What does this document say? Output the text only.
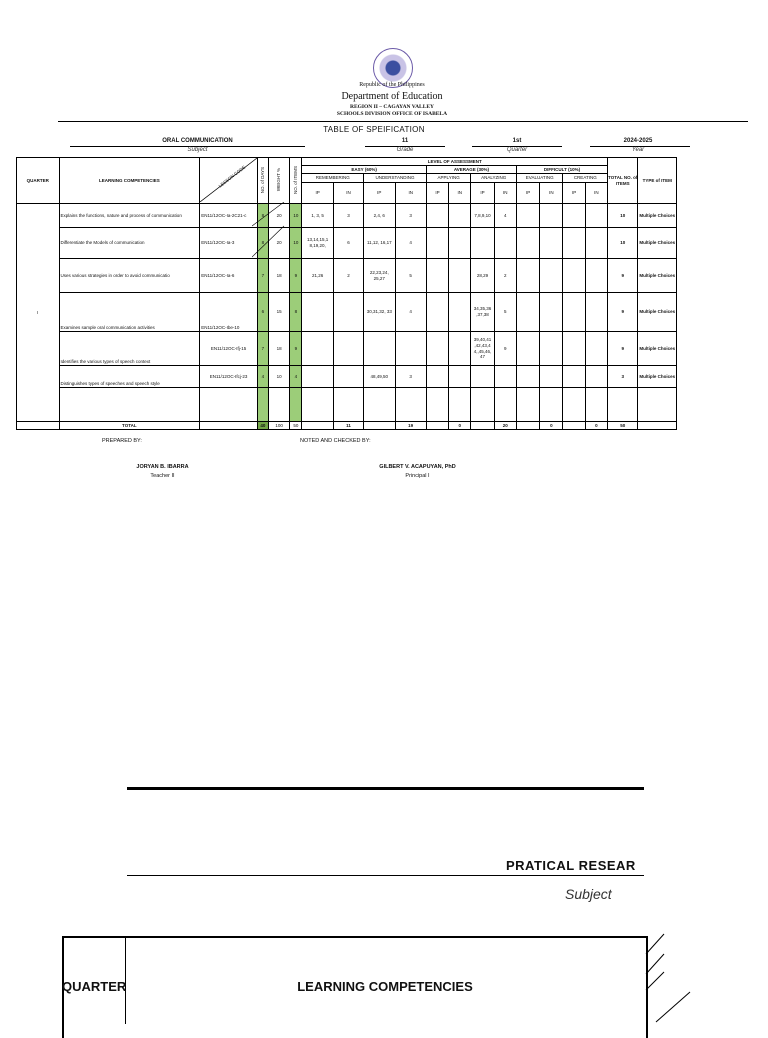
Republic of the Philippines
Department of Education
REGION II – CAGAYAN VALLEY
SCHOOLS DIVISION OFFICE OF ISABELA
TABLE OF SPEIFICATION
ORAL COMMUNICATION
Subject
11
Grade
1st
Quarter
2024-2025
Year
QUARTER	LEARNING COMPETENCIES	LESSON CODE	NO. of DAYS	WEIGHT %	NO. of ITEMS	LEVEL OF ASSESSMENT												TOTAL NO. of ITEMS	TYPE of ITEM
						EASY (60%)				AVERAGE (30%)				DIFFICULT (10%)					
						REMEMBERING		UNDERSTANDING		APPLYING		ANALYZING		EVALUATING		CREATING			
						IP	IN	IP	IN	IP	IN	IP	IN	IP	IN	IP	IN		
I	Explains the functions, nature and process of communication	EN11/12OC-Ia-2C21-c	8	20	10	1, 3, 5	3	2,4, 6	3			7,8,9,10	4					10	Multiple Choices
	Differentiate the Models of communication	EN11/12OC-Ia-3	8	20	10	13,14,15,1 8,19,20,	6	11,12, 16,17	4									10	Multiple Choices
	Uses various strategies in order to avoid communicatio	EN11/12OC-Ia-6	7	18	9	21,26	2	22,23,24, 25,27	5			28,29	2					9	Multiple Choices
	Examines sample oral communication activities	EN11/12OC-Ibe-10	6	15	8			30,31,32, 33	4			34,35,36 ,37,38	5					9	Multiple Choices
	Identifies the various types of speech context	EN11/12OC-Ifj-15	7	18	9							39,40,41 ,42,43,4 4,,45,46, 47	9					9	Multiple Choices
	Distinguishes types of speeches and speech style	EN11/12OC-Ifcj-23	4	10	4			48,49,50	3									3	Multiple Choices

	TOTAL		40	100	50		11		19		0		20		0		0	50	
PREPARED BY:
JORYAN B. IBARRA
Teacher II
NOTED AND CHECKED BY:
GILBERT V. ACAPUYAN, PhD
Principal I
PRATICAL RESEAR
Subject
QUARTER	LEARNING COMPETENCIES
